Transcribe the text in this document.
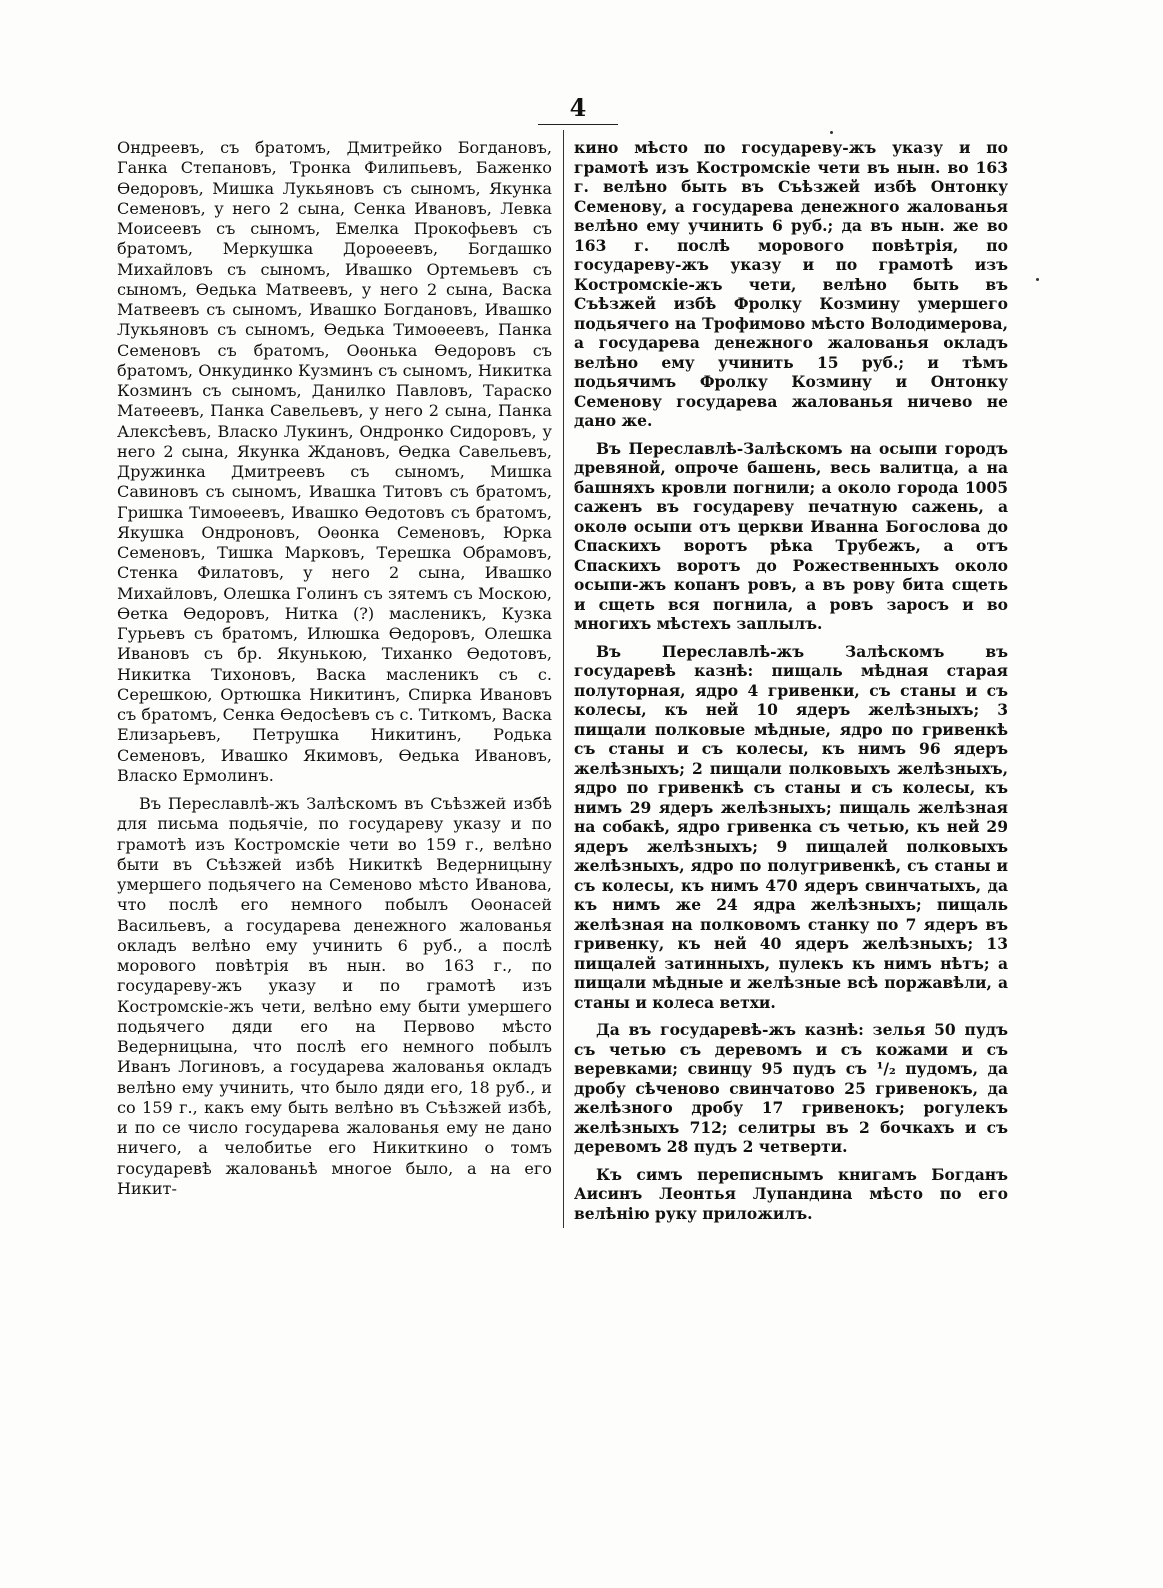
4

Ондреевъ, съ братомъ, Дмитрейко Богдановъ, Ганка Степановъ, Тронка Филипьевъ, Баженко Өедоровъ, Мишка Лукьяновъ съ сыномъ, Якунка Семеновъ, у него 2 сына, Сенка Ивановъ, Левка Моисеевъ съ сыномъ, Емелка Прокофьевъ съ братомъ, Меркушка Дороѳеевъ, Богдашко Михайловъ съ сыномъ, Ивашко Ортемьевъ съ сыномъ, Өедька Матвеевъ, у него 2 сына, Васка Матвеевъ съ сыномъ, Ивашко Богдановъ, Ивашко Лукьяновъ съ сыномъ, Өедька Тимоѳеевъ, Панка Семеновъ съ братомъ, Оѳонька Өедоровъ съ братомъ, Онкудинко Кузминъ съ сыномъ, Никитка Козминъ съ сыномъ, Данилко Павловъ, Тараско Матѳеевъ, Панка Савельевъ, у него 2 сына, Панка Алексѣевъ, Власко Лукинъ, Ондронко Сидоровъ, у него 2 сына, Якунка Ждановъ, Өедка Савельевъ, Дружинка Дмитреевъ съ сыномъ, Мишка Савиновъ съ сыномъ, Ивашка Титовъ съ братомъ, Гришка Тимоѳеевъ, Ивашко Өедотовъ съ братомъ, Якушка Ондроновъ, Оѳонка Семеновъ, Юрка Семеновъ, Тишка Марковъ, Терешка Обрамовъ, Стенка Филатовъ, у него 2 сына, Ивашко Михайловъ, Олешка Голинъ съ зятемъ съ Москою, Өетка Өедоровъ, Нитка (?) масленикъ, Кузка Гурьевъ съ братомъ, Илюшка Өедоровъ, Олешка Ивановъ съ бр. Якунькою, Тиханко Өедотовъ, Никитка Тихоновъ, Васка масленикъ съ с. Серешкою, Ортюшка Никитинъ, Спирка Ивановъ съ братомъ, Сенка Өедосѣевъ съ с. Титкомъ, Васка Елизарьевъ, Петрушка Никитинъ, Родька Семеновъ, Ивашко Якимовъ, Өедька Ивановъ, Власко Ермолинъ.

Въ Переславлѣ-жъ Залѣскомъ въ Съѣзжей избѣ для письма подьячіе, по государеву указу и по грамотѣ изъ Костромскіе чети во 159 г., велѣно быти въ Съѣзжей избѣ Никиткѣ Ведерницыну умершего подьячего на Семеново мѣсто Иванова, что послѣ его немного побылъ Оѳонасей Васильевъ, а государева денежного жалованья окладъ велѣно ему учинить 6 руб., а послѣ моровогo повѣтрія въ нын. во 163 г., по государеву-жъ указу и по грамотѣ изъ Костромскіе-жъ чети, велѣно ему быти умершего подьячего дяди его на Первово мѣсто Ведерницына, что послѣ его немного побылъ Иванъ Логиновъ, а государева жалованья окладъ велѣно ему учинить, что было дяди его, 18 руб., и со 159 г., какъ ему быть велѣно въ Съѣзжей избѣ, и по се число государева жалованья ему не дано ничего, а челобитье его Никиткино о томъ государевѣ жалованьѣ многое было, а на его Никит-

кино мѣсто по государеву-жъ указу и по грамотѣ изъ Костромскіе чети въ нын. во 163 г. велѣно быть въ Съѣзжей избѣ Онтонку Семенову, а государева денежного жалованья велѣно ему учинить 6 руб.; да въ нын. же во 163 г. послѣ морового повѣтрія, по государеву-жъ указу и по грамотѣ изъ Костромскіе-жъ чети, велѣно быть въ Съѣзжей избѣ Фролку Козмину умершего подьячего на Трофимово мѣсто Володимерова, а государева денежного жалованья окладъ велѣно ему учинить 15 руб.; и тѣмъ подьячимъ Фролку Козмину и Онтонку Семенову государева жалованья ничево не дано же.

Въ Переславлѣ-Залѣскомъ на осыпи городъ древяной, опроче башень, весь валитца, а на башняхъ кровли погнили; а около города 1005 саженъ въ государеву печатную сажень, а околѳ осыпи отъ церкви Иванна Богослова до Спаскихъ воротъ рѣка Трубежъ, а отъ Спаскихъ воротъ до Рожественныхъ около осыпи-жъ копанъ ровъ, а въ рову бита сщеть и сщеть вся погнила, а ровъ заросъ и во многихъ мѣстехъ заплылъ.

Въ Переславлѣ-жъ Залѣскомъ въ государевѣ казнѣ: пищаль мѣдная старая полуторная, ядро 4 гривенки, съ станы и съ колесы, къ ней 10 ядеръ желѣзныхъ; 3 пищали полковые мѣдные, ядро по гривенкѣ съ станы и съ колесы, къ нимъ 96 ядеръ желѣзныхъ; 2 пищали полковыхъ желѣзныхъ, ядро по гривенкѣ съ станы и съ колесы, къ нимъ 29 ядеръ желѣзныхъ; пищаль желѣзная на собакѣ, ядро гривенка съ четью, къ ней 29 ядеръ желѣзныхъ; 9 пищалей полковыхъ желѣзныхъ, ядро по полугривенкѣ, съ станы и съ колесы, къ нимъ 470 ядеръ свинчатыхъ, да къ нимъ же 24 ядра желѣзныхъ; пищаль желѣзная на полковомъ станку по 7 ядеръ въ гривенку, къ ней 40 ядеръ желѣзныхъ; 13 пищалей затинныхъ, пулекъ къ нимъ нѣтъ; а пищали мѣдные и желѣзные всѣ поржавѣли, а станы и колеса ветхи.

Да въ государевѣ-жъ казнѣ: зелья 50 пудъ съ четью съ деревомъ и съ кожами и съ веревками; свинцу 95 пудъ съ ¹/₂ пудомъ, да дробу сѣченово свинчатово 25 гривенокъ, да желѣзного дробу 17 гривенокъ; рогулекъ желѣзныхъ 712; селитры въ 2 бочкахъ и съ деревомъ 28 пудъ 2 четверти.

Къ симъ переписнымъ книгамъ Богданъ Аисинъ Леонтья Лупандина мѣсто по его велѣнію руку приложилъ.
